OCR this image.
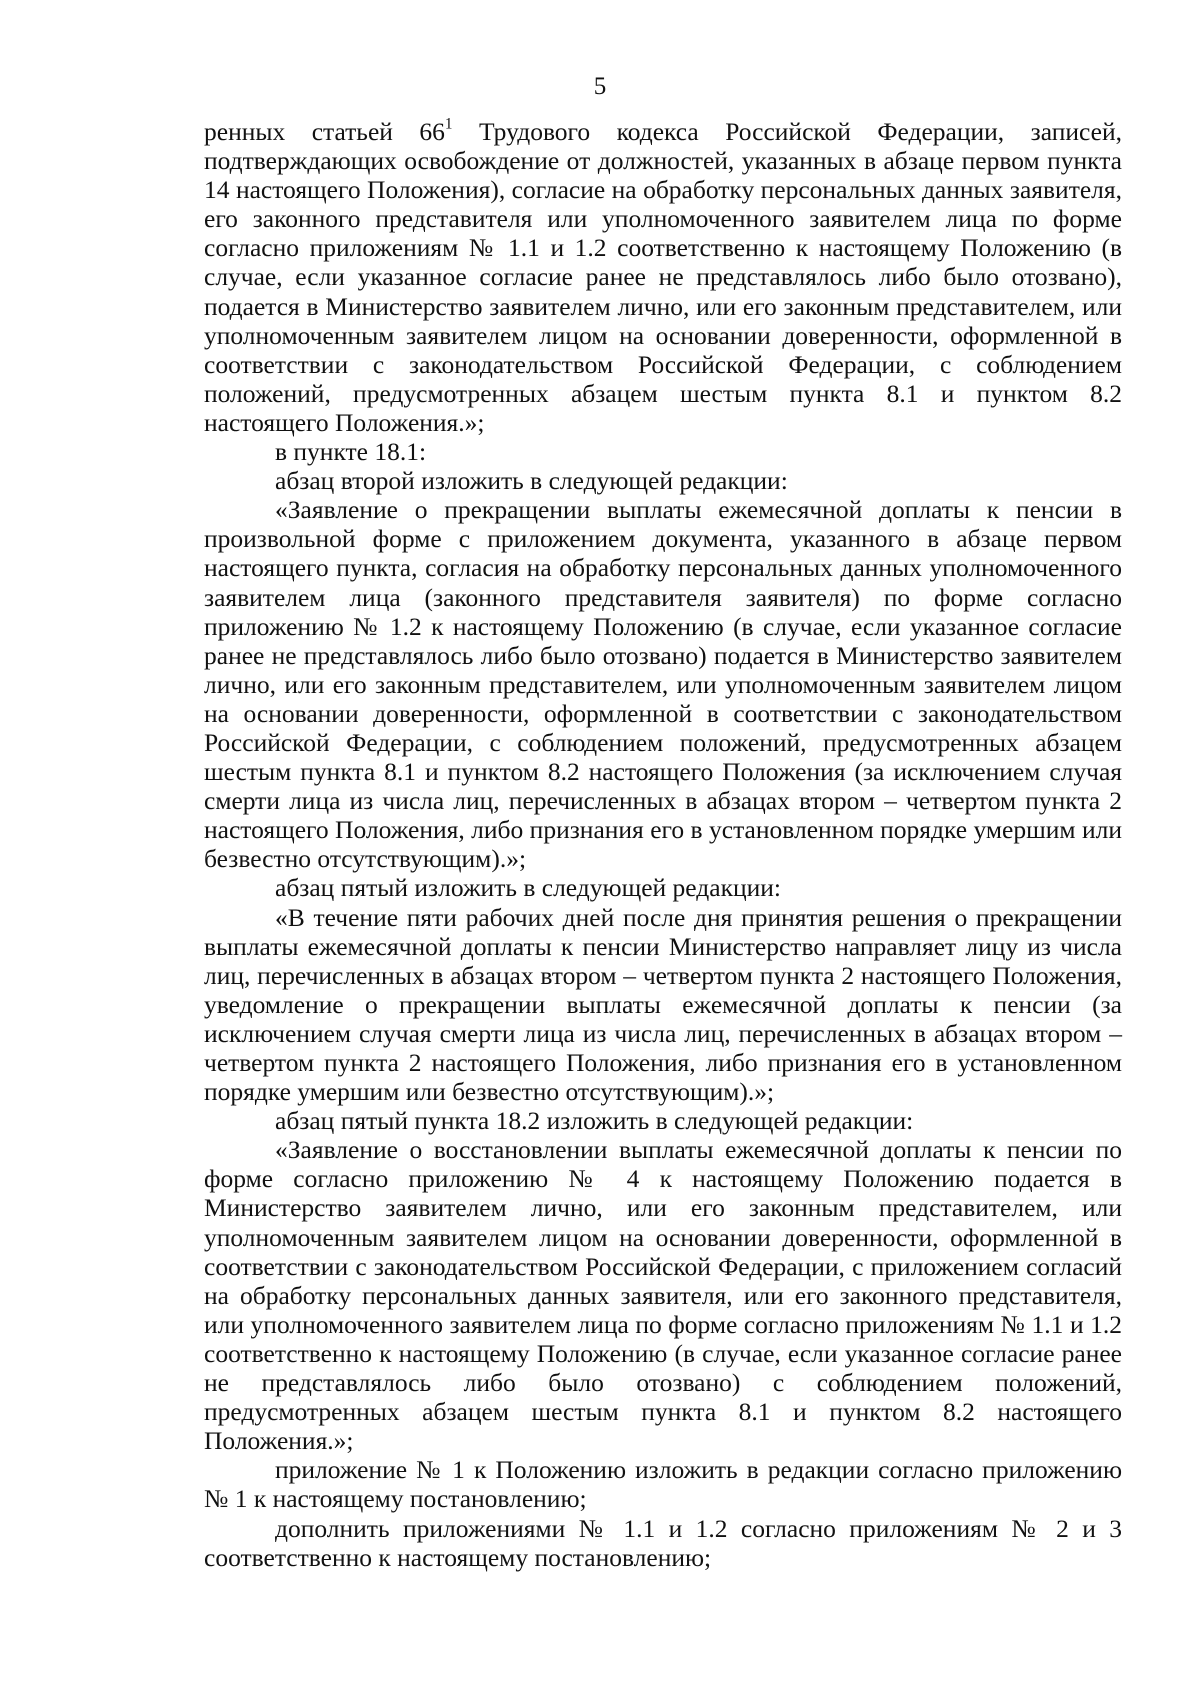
5

ренных статьей $66^1$ Трудового кодекса Российской Федерации, записей, подтверждающих освобождение от должностей, указанных в абзаце первом пункта 14 настоящего Положения), согласие на обработку персональных данных заявителя, его законного представителя или уполномоченного заявителем лица по форме согласно приложениям № 1.1 и 1.2 соответственно к настоящему Положению (в случае, если указанное согласие ранее не представлялось либо было отозвано), подается в Министерство заявителем лично, или его законным представителем, или уполномоченным заявителем лицом на основании доверенности, оформленной в соответствии с законодательством Российской Федерации, с соблюдением положений, предусмотренных абзацем шестым пункта 8.1 и пунктом 8.2 настоящего Положения.»;

в пункте 18.1:

абзац второй изложить в следующей редакции:

«Заявление о прекращении выплаты ежемесячной доплаты к пенсии в произвольной форме с приложением документа, указанного в абзаце первом настоящего пункта, согласия на обработку персональных данных уполномоченного заявителем лица (законного представителя заявителя) по форме согласно приложению № 1.2 к настоящему Положению (в случае, если указанное согласие ранее не представлялось либо было отозвано) подается в Министерство заявителем лично, или его законным представителем, или уполномоченным заявителем лицом на основании доверенности, оформленной в соответствии с законодательством Российской Федерации, с соблюдением положений, предусмотренных абзацем шестым пункта 8.1 и пунктом 8.2 настоящего Положения (за исключением случая смерти лица из числа лиц, перечисленных в абзацах втором – четвертом пункта 2 настоящего Положения, либо признания его в установленном порядке умершим или безвестно отсутствующим).»;

абзац пятый изложить в следующей редакции:

«В течение пяти рабочих дней после дня принятия решения о прекращении выплаты ежемесячной доплаты к пенсии Министерство направляет лицу из числа лиц, перечисленных в абзацах втором – четвертом пункта 2 настоящего Положения, уведомление о прекращении выплаты ежемесячной доплаты к пенсии (за исключением случая смерти лица из числа лиц, перечисленных в абзацах втором – четвертом пункта 2 настоящего Положения, либо признания его в установленном порядке умершим или безвестно отсутствующим).»;

абзац пятый пункта 18.2 изложить в следующей редакции:

«Заявление о восстановлении выплаты ежемесячной доплаты к пенсии по форме согласно приложению № 4 к настоящему Положению подается в Министерство заявителем лично, или его законным представителем, или уполномоченным заявителем лицом на основании доверенности, оформленной в соответствии с законодательством Российской Федерации, с приложением согласий на обработку персональных данных заявителя, или его законного представителя, или уполномоченного заявителем лица по форме согласно приложениям № 1.1 и 1.2 соответственно к настоящему Положению (в случае, если указанное согласие ранее не представлялось либо было отозвано) с соблюдением положений, предусмотренных абзацем шестым пункта 8.1 и пунктом 8.2 настоящего Положения.»;

приложение № 1 к Положению изложить в редакции согласно приложению № 1 к настоящему постановлению;

дополнить приложениями № 1.1 и 1.2 согласно приложениям № 2 и 3 соответственно к настоящему постановлению;
